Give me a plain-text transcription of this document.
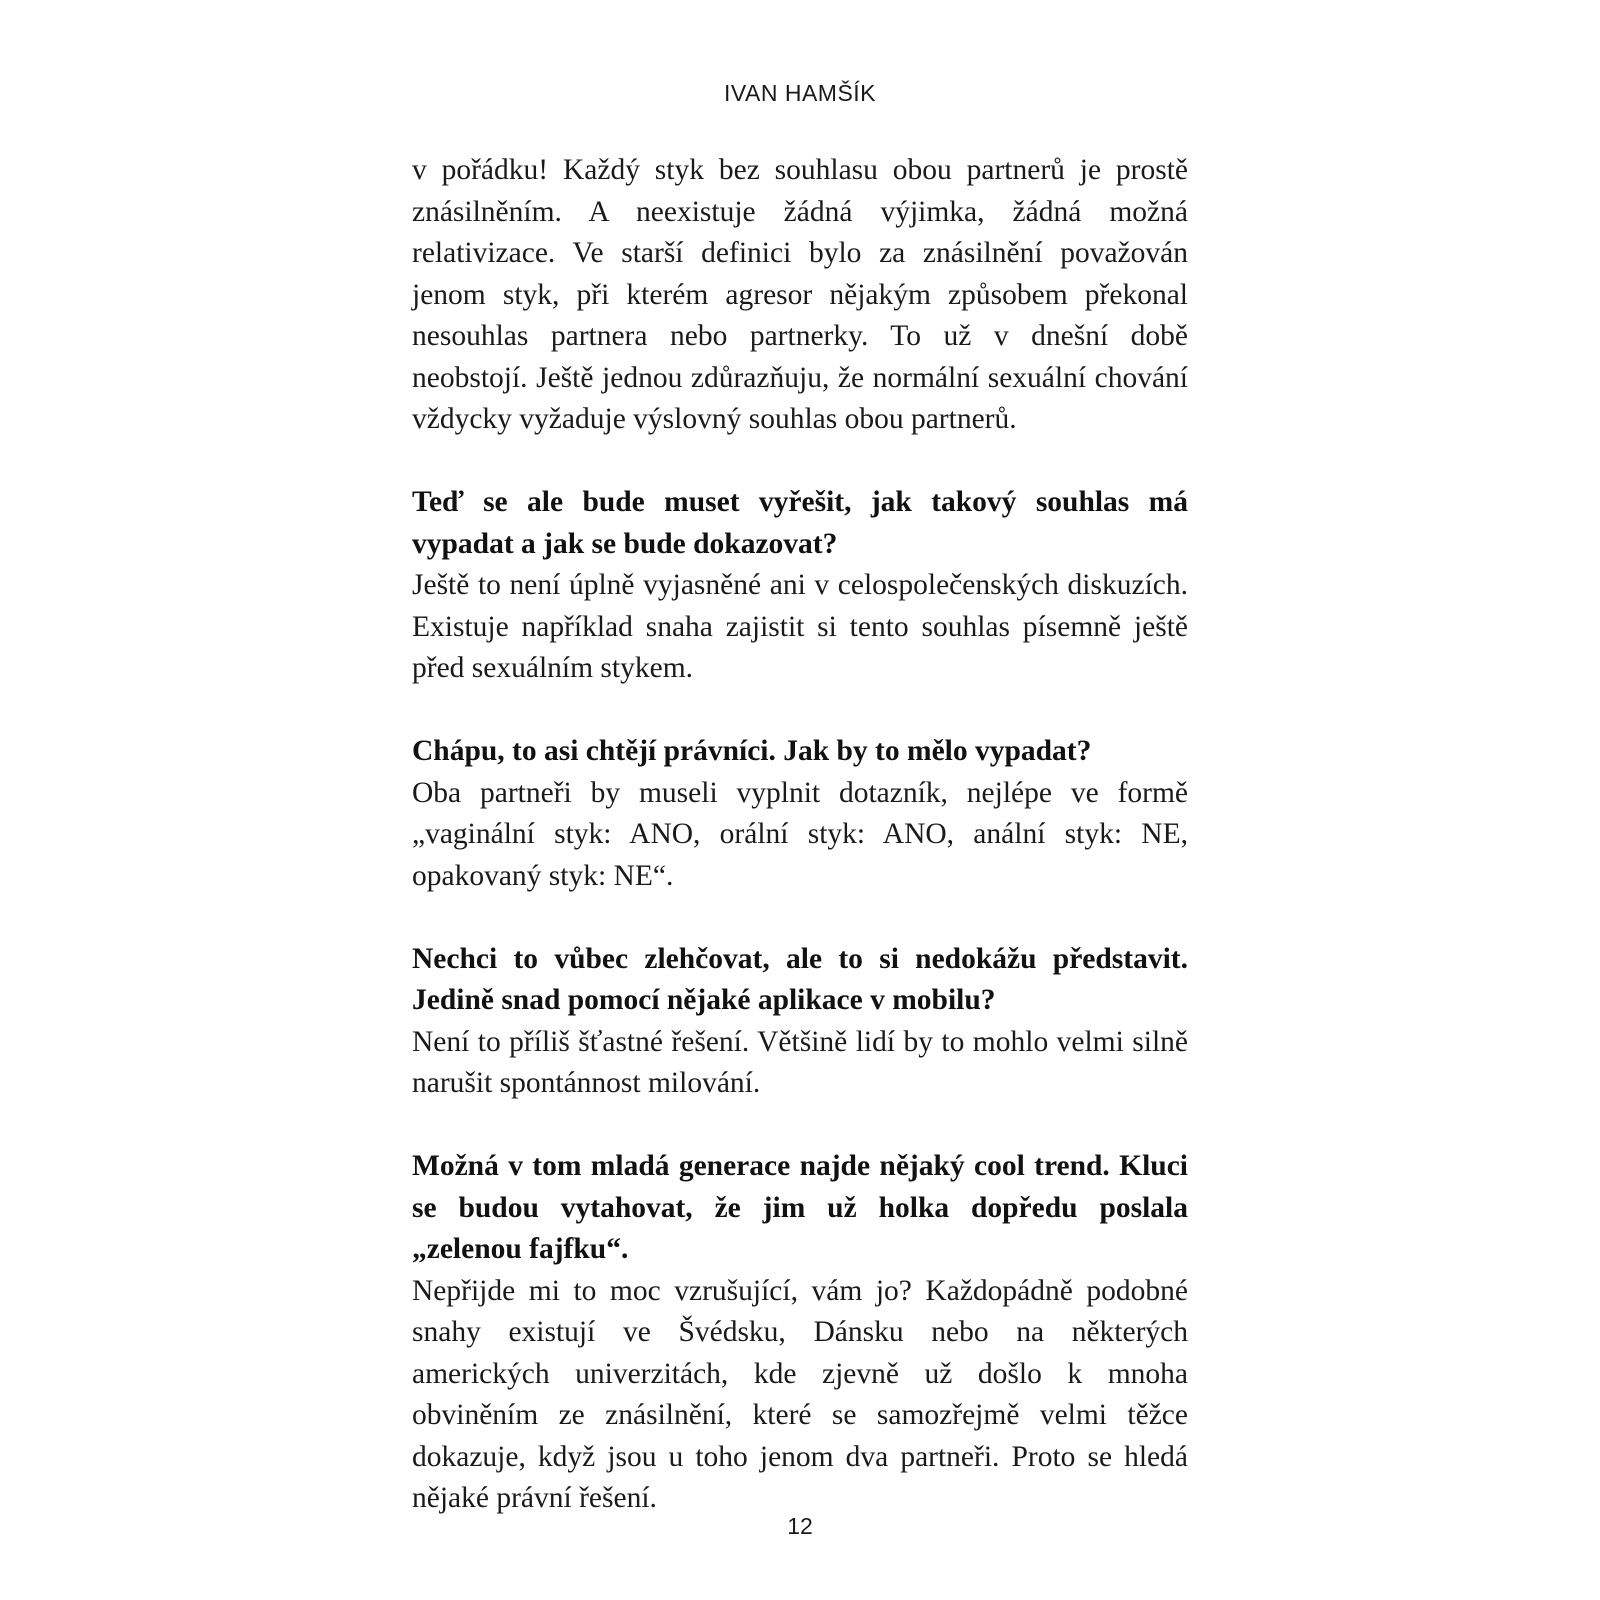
IVAN HAMŠÍK

v pořádku! Každý styk bez souhlasu obou partnerů je prostě znásilněním. A neexistuje žádná výjimka, žádná možná relativizace. Ve starší definici bylo za znásilnění považován jenom styk, při kterém agresor nějakým způsobem překonal nesouhlas partnera nebo partnerky. To už v dnešní době neobstojí. Ještě jednou zdůrazňuju, že normální sexuální chování vždycky vyžaduje výslovný souhlas obou partnerů.

Teď se ale bude muset vyřešit, jak takový souhlas má vypadat a jak se bude dokazovat?

Ještě to není úplně vyjasněné ani v celospolečenských diskuzích. Existuje například snaha zajistit si tento souhlas písemně ještě před sexuálním stykem.

Chápu, to asi chtějí právníci. Jak by to mělo vypadat?

Oba partneři by museli vyplnit dotazník, nejlépe ve formě „vaginální styk: ANO, orální styk: ANO, anální styk: NE, opakovaný styk: NE“.

Nechci to vůbec zlehčovat, ale to si nedokážu představit. Jedině snad pomocí nějaké aplikace v mobilu?

Není to příliš šťastné řešení. Většině lidí by to mohlo velmi silně narušit spontánnost milování.

Možná v tom mladá generace najde nějaký cool trend. Kluci se budou vytahovat, že jim už holka dopředu poslala „zelenou fajfku“.

Nepřijde mi to moc vzrušující, vám jo? Každopádně podobné snahy existují ve Švédsku, Dánsku nebo na některých amerických univerzitách, kde zjevně už došlo k mnoha obviněním ze znásilnění, které se samozřejmě velmi těžce dokazuje, když jsou u toho jenom dva partneři. Proto se hledá nějaké právní řešení.

12
